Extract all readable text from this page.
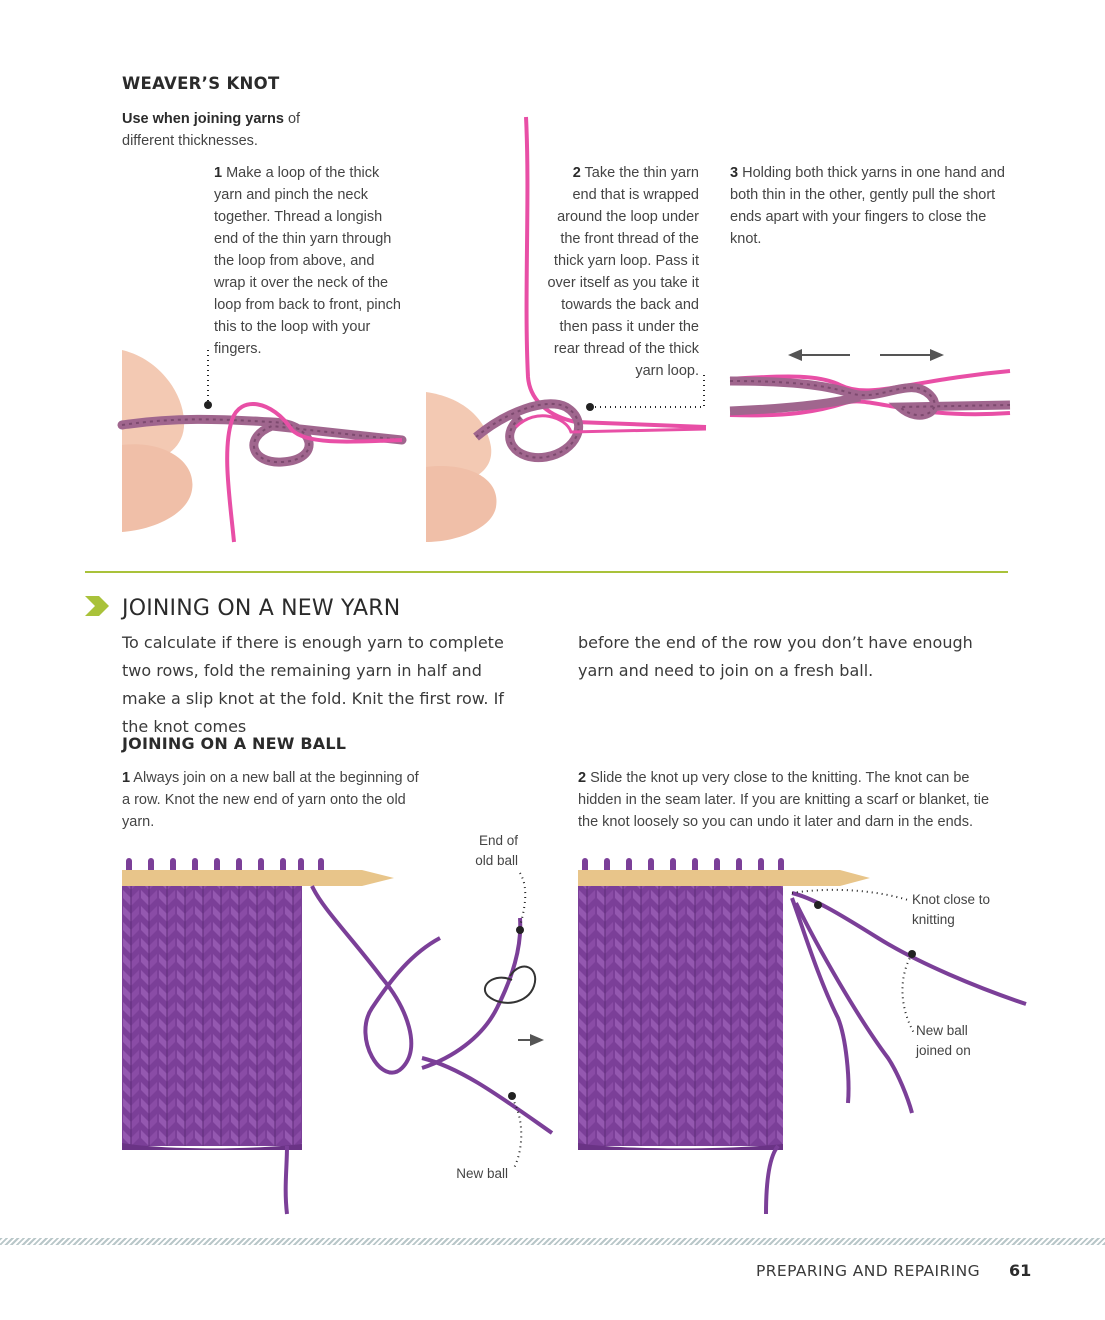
WEAVER’S KNOT
Use when joining yarns of different thicknesses.
1 Make a loop of the thick yarn and pinch the neck together. Thread a longish end of the thin yarn through the loop from above, and wrap it over the neck of the loop from back to front, pinch this to the loop with your fingers.
2 Take the thin yarn end that is wrapped around the loop under the front thread of the thick yarn loop. Pass it over itself as you take it towards the back and then pass it under the rear thread of the thick yarn loop.
3 Holding both thick yarns in one hand and both thin in the other, gently pull the short ends apart with your fingers to close the knot.
JOINING ON A NEW YARN
To calculate if there is enough yarn to complete two rows, fold the remaining yarn in half and make a slip knot at the fold. Knit the first row. If the knot comes
before the end of the row you don’t have enough yarn and need to join on a fresh ball.
JOINING ON A NEW BALL
1 Always join on a new ball at the beginning of a row. Knot the new end of yarn onto the old yarn.
2 Slide the knot up very close to the knitting. The knot can be hidden in the seam later. If you are knitting a scarf or blanket, tie the knot loosely so you can undo it later and darn in the ends.
End of old ball
New ball
Knot close to knitting
New ball joined on
PREPARING AND REPAIRING 61
